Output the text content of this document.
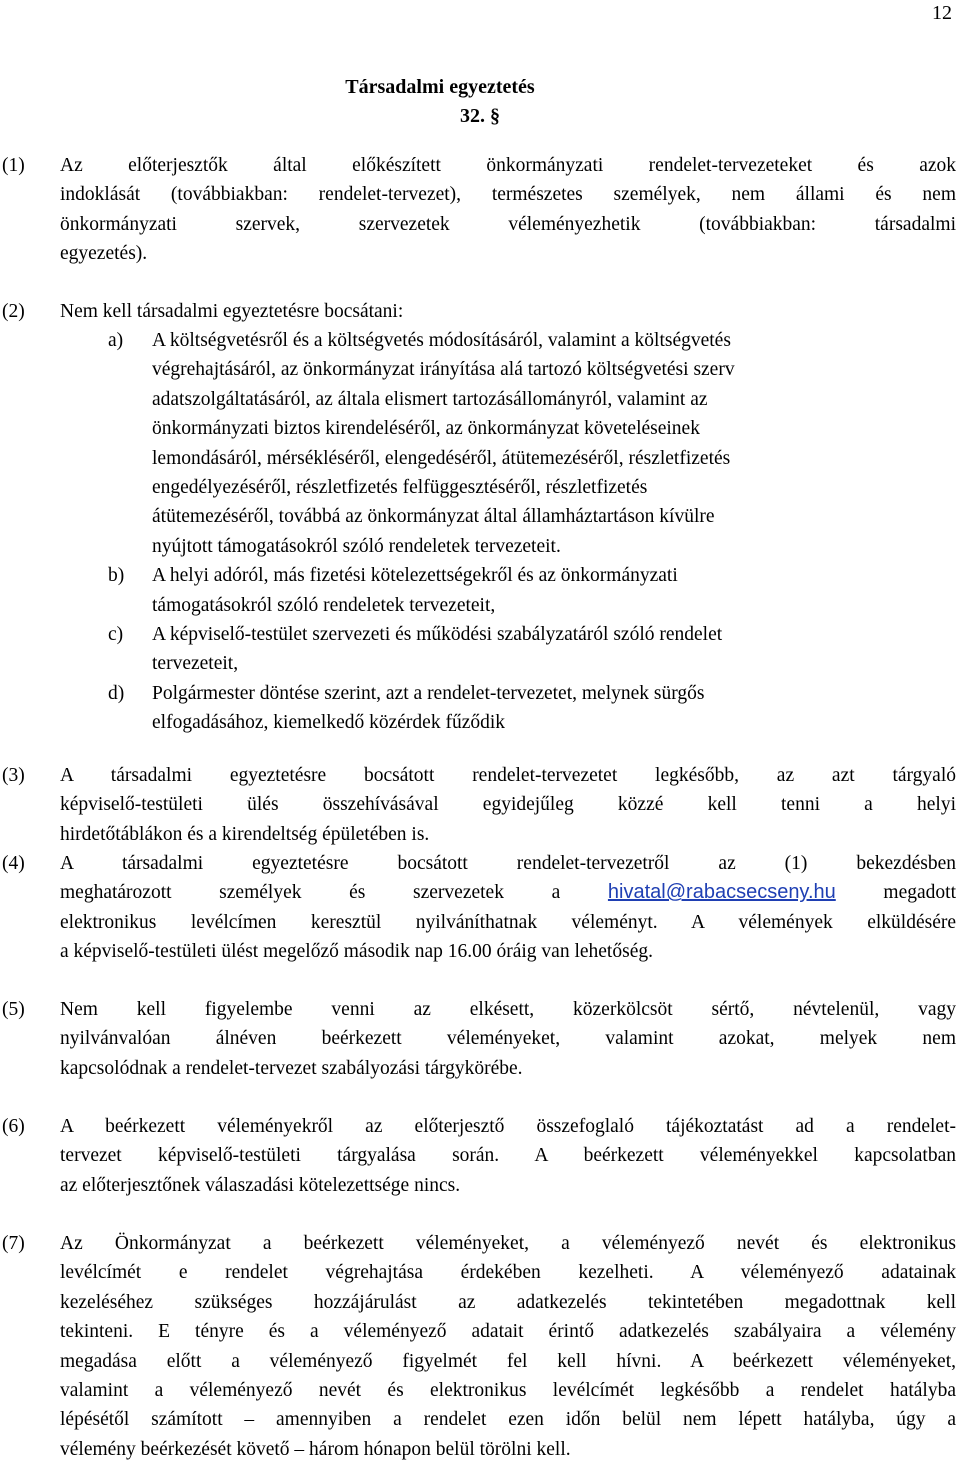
12
Társadalmi egyeztetés
32. §
(1) Az előterjesztők által előkészített önkormányzati rendelet-tervezeteket és azok
indoklását (továbbiakban: rendelet-tervezet), természetes személyek, nem állami és nem
önkormányzati szervek, szervezetek véleményezhetik (továbbiakban: társadalmi
egyezetés).
(2) Nem kell társadalmi egyeztetésre bocsátani:
a) A költségvetésről és a költségvetés módosításáról, valamint a költségvetés
végrehajtásáról, az önkormányzat irányítása alá tartozó költségvetési szerv
adatszolgáltatásáról, az általa elismert tartozásállományról, valamint az
önkormányzati biztos kirendeléséről, az önkormányzat követeléseinek
lemondásáról, mérsékléséről, elengedéséről, átütemezéséről, részletfizetés
engedélyezéséről, részletfizetés felfüggesztéséről, részletfizetés
átütemezéséről, továbbá az önkormányzat által államháztartáson kívülre
nyújtott támogatásokról szóló rendeletek tervezeteit.
b) A helyi adóról, más fizetési kötelezettségekről és az önkormányzati
támogatásokról szóló rendeletek tervezeteit,
c) A képviselő-testület szervezeti és működési szabályzatáról szóló rendelet
tervezeteit,
d) Polgármester döntése szerint, azt a rendelet-tervezetet, melynek sürgős
elfogadásához, kiemelkedő közérdek fűződik
(3) A társadalmi egyeztetésre bocsátott rendelet-tervezetet legkésőbb, az azt tárgyaló
képviselő-testületi ülés összehívásával egyidejűleg közzé kell tenni a helyi
hirdetőtáblákon és a kirendeltség épületében is.
(4) A társadalmi egyeztetésre bocsátott rendelet-tervezetről az (1) bekezdésben
meghatározott személyek és szervezetek a hivatal@rabacsecseny.hu megadott
elektronikus levélcímen keresztül nyilváníthatnak véleményt. A vélemények elküldésére
a képviselő-testületi ülést megelőző második nap 16.00 óráig van lehetőség.
(5) Nem kell figyelembe venni az elkésett, közerkölcsöt sértő, névtelenül, vagy
nyilvánvalóan álnéven beérkezett véleményeket, valamint azokat, melyek nem
kapcsolódnak a rendelet-tervezet szabályozási tárgykörébe.
(6) A beérkezett véleményekről az előterjesztő összefoglaló tájékoztatást ad a rendelet-
tervezet képviselő-testületi tárgyalása során. A beérkezett véleményekkel kapcsolatban
az előterjesztőnek válaszadási kötelezettsége nincs.
(7) Az Önkormányzat a beérkezett véleményeket, a véleményező nevét és elektronikus
levélcímét e rendelet végrehajtása érdekében kezelheti. A véleményező adatainak
kezeléséhez szükséges hozzájárulást az adatkezelés tekintetében megadottnak kell
tekinteni. E tényre és a véleményező adatait érintő adatkezelés szabályaira a vélemény
megadása előtt a véleményező figyelmét fel kell hívni. A beérkezett véleményeket,
valamint a véleményező nevét és elektronikus levélcímét legkésőbb a rendelet hatályba
lépésétől számított – amennyiben a rendelet ezen időn belül nem lépett hatályba, úgy a
vélemény beérkezését követő – három hónapon belül törölni kell.
